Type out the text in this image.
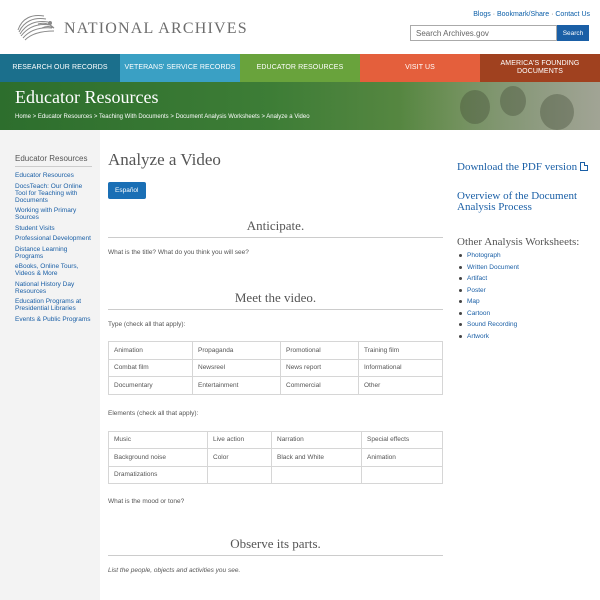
NATIONAL ARCHIVES
Blogs · Bookmark/Share · Contact Us
Search Archives.gov
Search
RESEARCH OUR RECORDS	VETERANS' SERVICE RECORDS	EDUCATOR RESOURCES	VISIT US
AMERICA'S FOUNDING DOCUMENTS
Educator Resources
Home > Educator Resources > Teaching With Documents > Document Analysis Worksheets > Analyze a Video
Educator Resources
Educator Resources
DocsTeach: Our Online Tool for Teaching with Documents
Working with Primary Sources
Student Visits
Professional Development
Distance Learning Programs
eBooks, Online Tours, Videos & More
National History Day Resources
Education Programs at Presidential Libraries
Events & Public Programs
Analyze a Video
Español
Anticipate.

What is the title? What do you think you will see?

Meet the video.

Type (check all that apply):

Animation	Propaganda	Promotional	Training film
Combat film	Newsreel	News report	Informational
Documentary	Entertainment	Commercial	Other

Elements (check all that apply):

Music	Live action	Narration	Special effects
Background noise	Color	Black and White	Animation
Dramatizations			

What is the mood or tone?

Observe its parts.

List the people, objects and activities you see.

Download the PDF version
Overview of the Document Analysis Process
Other Analysis Worksheets:
Photograph
Written Document
Artifact
Poster
Map
Cartoon
Sound Recording
Artwork
